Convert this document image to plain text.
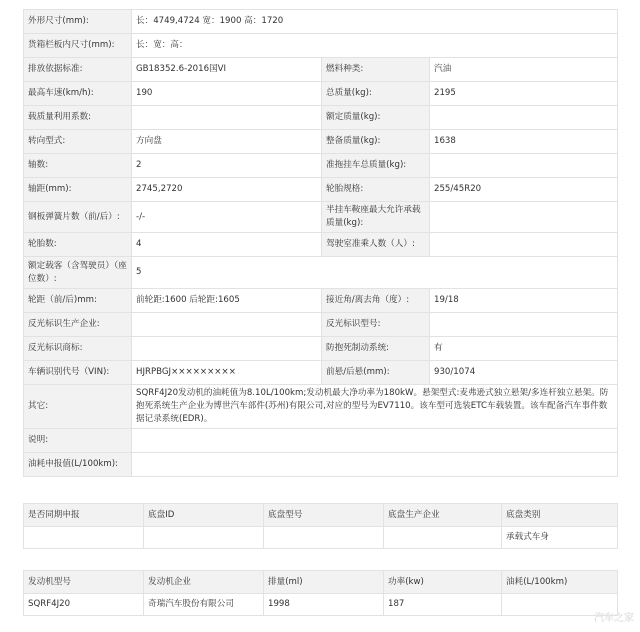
外形尺寸(mm):	长：4749,4724 宽：1900 高：1720		
货箱栏板内尺寸(mm):	长：宽：高：		
排放依据标准:	GB18352.6-2016国VI	燃料种类:	汽油
最高车速(km/h):	190	总质量(kg):	2195
载质量利用系数:		额定质量(kg):	
转向型式:	方向盘	整备质量(kg):	1638
轴数:	2	准拖挂车总质量(kg):	
轴距(mm):	2745,2720	轮胎规格:	255/45R20
钢板弹簧片数（前/后）:	-/-	半挂车鞍座最大允许承载质量(kg):	
轮胎数:	4	驾驶室准乘人数（人）:	
额定载客（含驾驶员）（座位数）:	5		
轮距（前/后)mm:	前轮距:1600 后轮距:1605	接近角/离去角（度）:	19/18
反光标识生产企业:		反光标识型号:	
反光标识商标:		防抱死制动系统:	有
车辆识别代号（VIN):	HJRPBGJ×××××××××	前悬/后悬(mm):	930/1074
其它:	SQRF4J20发动机的油耗值为8.10L/100km;发动机最大净功率为180kW。悬架型式:麦弗逊式独立悬架/多连杆独立悬架。防抱死系统生产企业为博世汽车部件(苏州)有限公司,对应的型号为EV7110。该车型可选装ETC车载装置。该车配备汽车事件数据记录系统(EDR)。		
说明:			
油耗申报值(L/100km):			
是否同期申报	底盘ID	底盘型号	底盘生产企业	底盘类别
				承载式车身
发动机型号	发动机企业	排量(ml)	功率(kw)	油耗(L/100km)
SQRF4J20	奇瑞汽车股份有限公司	1998	187	
汽车之家
